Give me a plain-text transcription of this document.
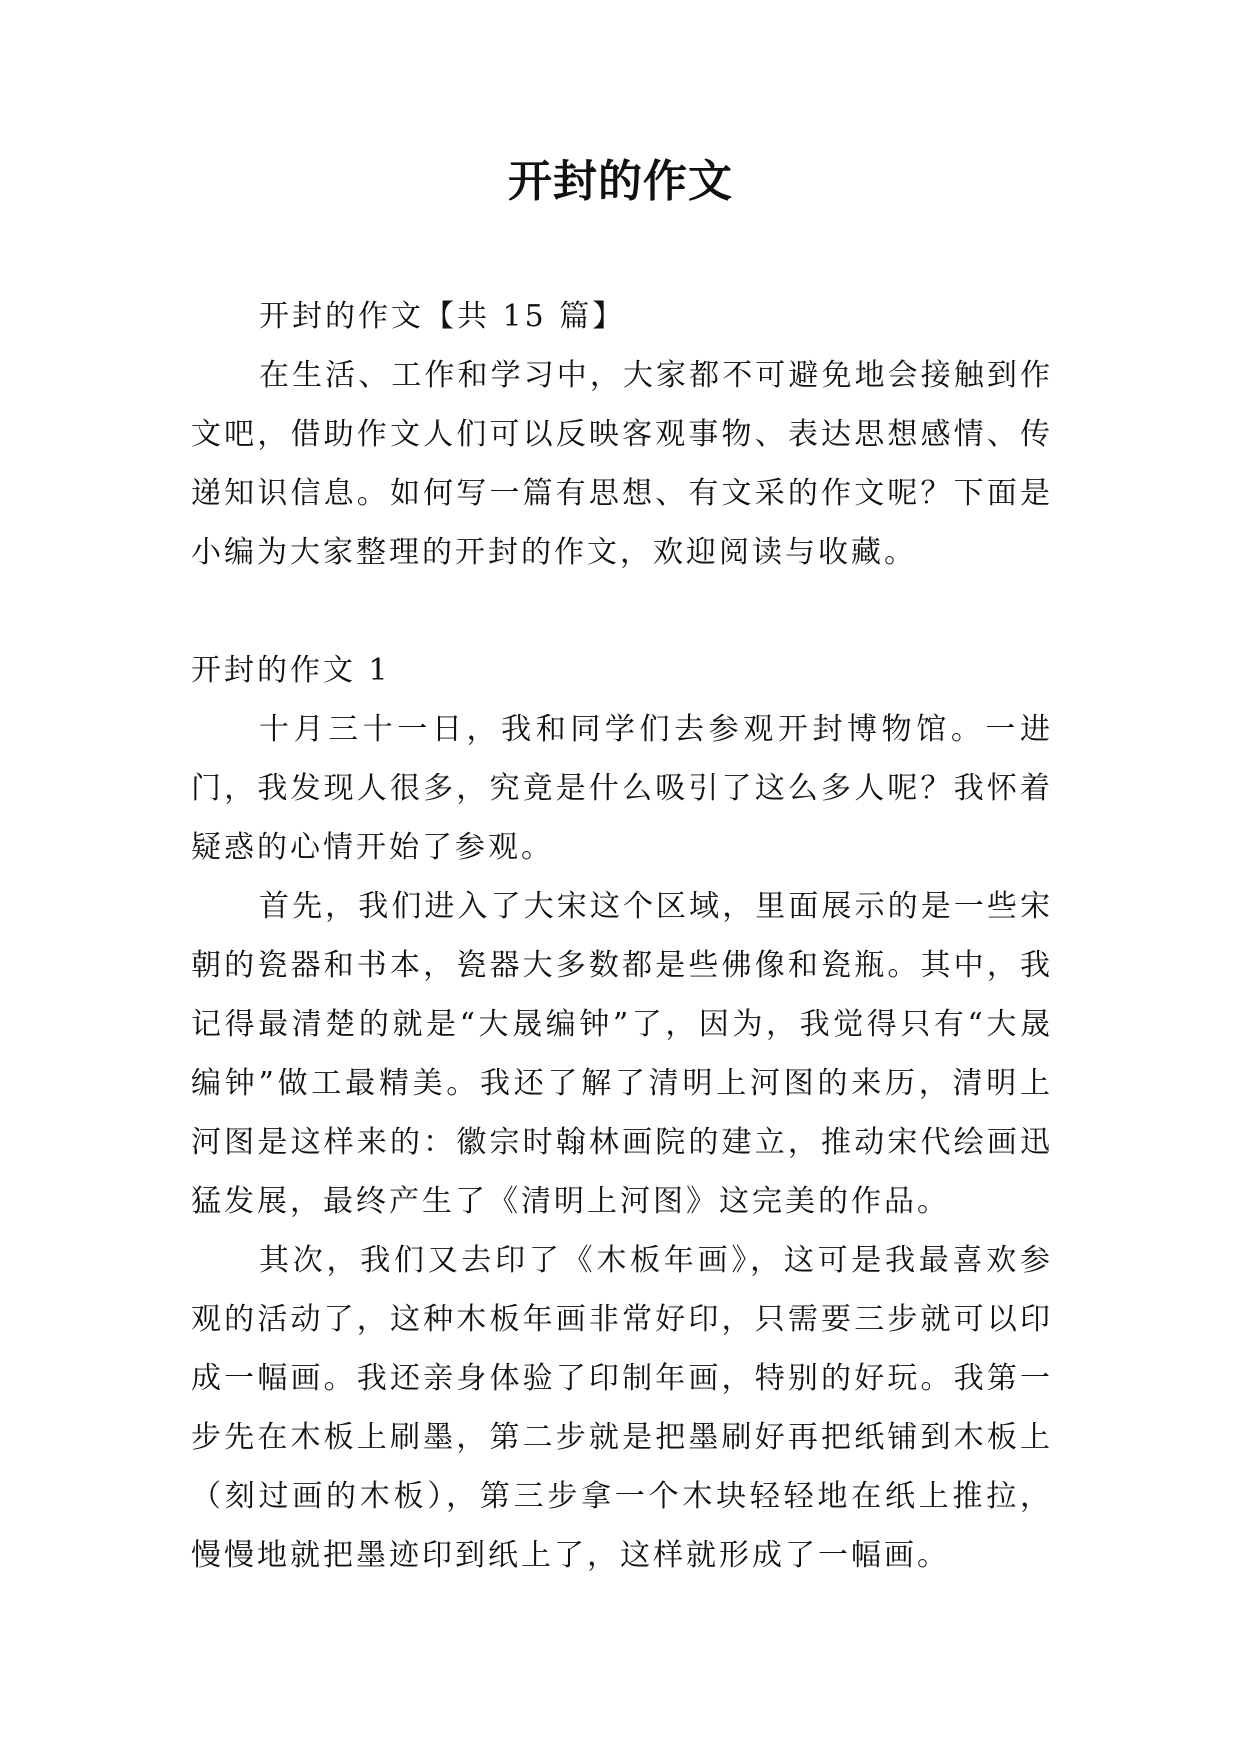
开封的作文

开封的作文【共 15 篇】

在生活、工作和学习中，大家都不可避免地会接触到作文吧，借助作文人们可以反映客观事物、表达思想感情、传递知识信息。如何写一篇有思想、有文采的作文呢？下面是小编为大家整理的开封的作文，欢迎阅读与收藏。

开封的作文 1

十月三十一日，我和同学们去参观开封博物馆。一进门，我发现人很多，究竟是什么吸引了这么多人呢？我怀着疑惑的心情开始了参观。

首先，我们进入了大宋这个区域，里面展示的是一些宋朝的瓷器和书本，瓷器大多数都是些佛像和瓷瓶。其中，我记得最清楚的就是“大晟编钟”了，因为，我觉得只有“大晟编钟”做工最精美。我还了解了清明上河图的来历，清明上河图是这样来的：徽宗时翰林画院的建立，推动宋代绘画迅猛发展，最终产生了《清明上河图》这完美的作品。

其次，我们又去印了《木板年画》，这可是我最喜欢参观的活动了，这种木板年画非常好印，只需要三步就可以印成一幅画。我还亲身体验了印制年画，特别的好玩。我第一步先在木板上刷墨，第二步就是把墨刷好再把纸铺到木板上（刻过画的木板），第三步拿一个木块轻轻地在纸上推拉，慢慢地就把墨迹印到纸上了，这样就形成了一幅画。
